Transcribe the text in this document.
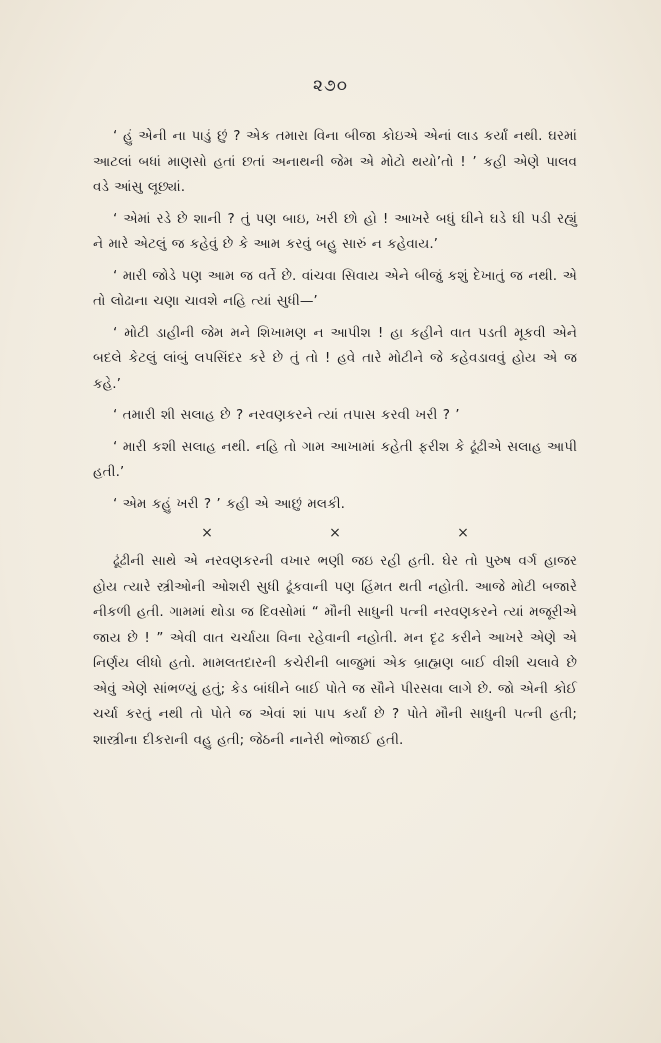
૨૭૦

‘ હું એની ના પાડું છું ? એક તમારા વિના બીજા કોઇએ એનાં લાડ કર્યાં નથી. ઘરમાં આટલાં બધાં માણસો હતાં છતાં અનાથની જેમ એ મોટો થયો’તો ! ’ કહી એણે પાલવ વડે આંસુ લૂછ્યાં.

‘ એમાં રડે છે શાની ? તું પણ બાઇ, ખરી છો હો ! આખરે બધું ઘીને ઘડે ઘી પડી રહ્યું ને મારે એટલું જ કહેવું છે કે આમ કરવું બહુ સારું ન કહેવાય.’

‘ મારી જોડે પણ આમ જ વર્તે છે. વાંચવા સિવાય એને બીજું કશું દેખાતું જ નથી. એ તો લોઢાના ચણા ચાવશે નહિ ત્યાં સુધી—’

‘ મોટી ડાહીની જેમ મને શિખામણ ન આપીશ ! હા કહીને વાત પડતી મૂકવી એને બદલે કેટલું લાંબું લપસિંદર કરે છે તું તો ! હવે તારે મોટીને જે કહેવડાવવું હોય એ જ કહે.’

‘ તમારી શી સલાહ છે ? નરવણકરને ત્યાં તપાસ કરવી ખરી ? ’

‘ મારી કશી સલાહ નથી. નહિ તો ગામ આખામાં કહેતી ફરીશ કે ઢૂંઢીએ સલાહ આપી હતી.’

‘ એમ કહું ખરી ? ’ કહી એ આછું મલકી.

×	×	×

ઢૂંઢીની સાથે એ નરવણકરની વખાર ભણી જઇ રહી હતી. ઘેર તો પુરુષ વર્ગ હાજર હોય ત્યારે સ્ત્રીઓની ઓશરી સુધી ઢૂંકવાની પણ હિંમત થતી નહોતી. આજે મોટી બજારે નીકળી હતી. ગામમાં થોડા જ દિવસોમાં “ મૌની સાધુની પત્ની નરવણકરને ત્યાં મજૂરીએ જાય છે ! ” એવી વાત ચર્ચાયા વિના રહેવાની નહોતી. મન દૃઢ કરીને આખરે એણે એ નિર્ણય લીધો હતો. મામલતદારની કચેરીની બાજુમાં એક બ્રાહ્મણ બાઈ વીશી ચલાવે છે એવું એણે સાંભળ્યું હતું; કેડ બાંધીને બાઈ પોતે જ સૌને પીરસવા લાગે છે. જો એની કોઈ ચર્ચા કરતું નથી તો પોતે જ એવાં શાં પાપ કર્યાં છે ? પોતે મૌની સાધુની પત્ની હતી; શાસ્ત્રીના દીકરાની વહુ હતી; જેઠની નાનેરી ભોજાઈ હતી.
